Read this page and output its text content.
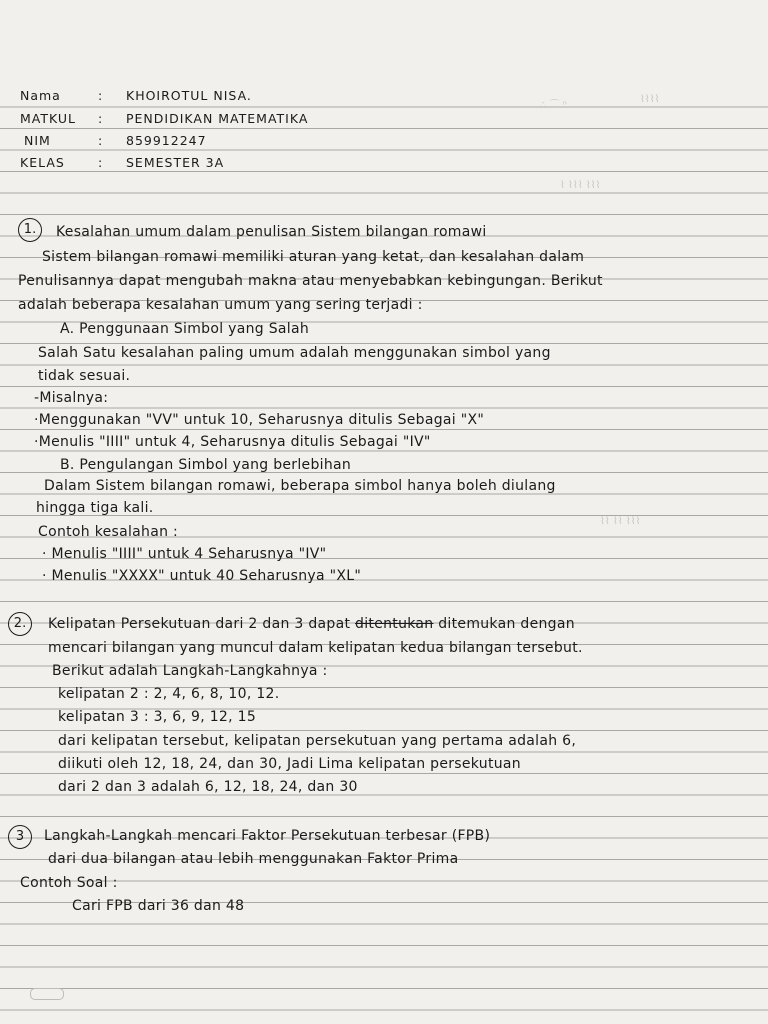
∴ ⌒ ⁿ
⌇⌇⌇⌇
⌇ ⌇⌇⌇ ⌇⌇⌇
⌇⌇ ⌇⌇ ⌇⌇⌇
Nama	: KHOIROTUL NISA.
MATKUL : PENDIDIKAN MATEMATIKA
NIM	: 859912247
KELAS	: SEMESTER 3A
1.	Kesalahan umum dalam penulisan Sistem bilangan romawi
Sistem bilangan romawi memiliki aturan yang ketat, dan kesalahan dalam
Penulisannya dapat mengubah makna atau menyebabkan kebingungan. Berikut
adalah beberapa kesalahan umum yang sering terjadi :
A. Penggunaan Simbol yang Salah
Salah Satu kesalahan paling umum adalah menggunakan simbol yang
tidak sesuai.
-Misalnya:
·Menggunakan "VV" untuk 10, Seharusnya ditulis Sebagai "X"
·Menulis "IIII" untuk 4, Seharusnya ditulis Sebagai "IV"
B. Pengulangan Simbol yang berlebihan
Dalam Sistem bilangan romawi, beberapa simbol hanya boleh diulang
hingga tiga kali.
Contoh kesalahan :
· Menulis "IIII" untuk 4 Seharusnya "IV"
· Menulis "XXXX" untuk 40 Seharusnya "XL"
2.	Kelipatan Persekutuan dari 2 dan 3 dapat ditentukan ditemukan dengan
mencari bilangan yang muncul dalam kelipatan kedua bilangan tersebut.
Berikut adalah Langkah-Langkahnya :
kelipatan 2 : 2, 4, 6, 8, 10, 12.
kelipatan 3 : 3, 6, 9, 12, 15
dari kelipatan tersebut, kelipatan persekutuan yang pertama adalah 6,
diikuti oleh 12, 18, 24, dan 30, Jadi Lima kelipatan persekutuan
dari 2 dan 3 adalah 6, 12, 18, 24, dan 30
3	Langkah-Langkah mencari Faktor Persekutuan terbesar (FPB)
dari dua bilangan atau lebih menggunakan Faktor Prima
Contoh Soal :
Cari FPB dari 36 dan 48
